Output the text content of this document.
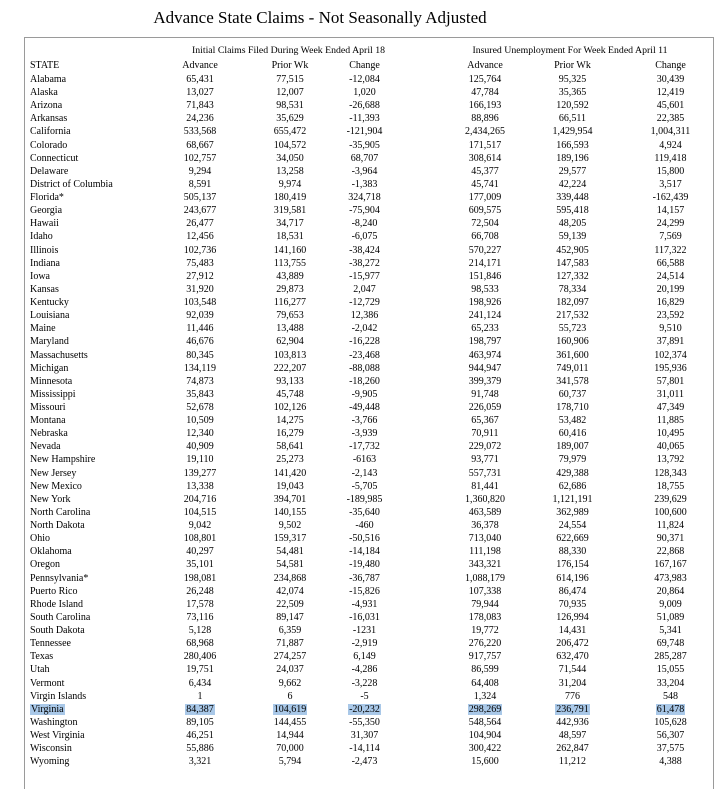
Advance State Claims - Not Seasonally Adjusted
Initial Claims Filed During Week Ended April 18	Insured Unemployment For Week Ended April 11
STATE	Advance	Prior Wk	Change	Advance	Prior Wk	Change
Alabama	65,431	77,515	-12,084	125,764	95,325	30,439
Alaska	13,027	12,007	1,020	47,784	35,365	12,419
Arizona	71,843	98,531	-26,688	166,193	120,592	45,601
Arkansas	24,236	35,629	-11,393	88,896	66,511	22,385
California	533,568	655,472	-121,904	2,434,265	1,429,954	1,004,311
Colorado	68,667	104,572	-35,905	171,517	166,593	4,924
Connecticut	102,757	34,050	68,707	308,614	189,196	119,418
Delaware	9,294	13,258	-3,964	45,377	29,577	15,800
District of Columbia	8,591	9,974	-1,383	45,741	42,224	3,517
Florida*	505,137	180,419	324,718	177,009	339,448	-162,439
Georgia	243,677	319,581	-75,904	609,575	595,418	14,157
Hawaii	26,477	34,717	-8,240	72,504	48,205	24,299
Idaho	12,456	18,531	-6,075	66,708	59,139	7,569
Illinois	102,736	141,160	-38,424	570,227	452,905	117,322
Indiana	75,483	113,755	-38,272	214,171	147,583	66,588
Iowa	27,912	43,889	-15,977	151,846	127,332	24,514
Kansas	31,920	29,873	2,047	98,533	78,334	20,199
Kentucky	103,548	116,277	-12,729	198,926	182,097	16,829
Louisiana	92,039	79,653	12,386	241,124	217,532	23,592
Maine	11,446	13,488	-2,042	65,233	55,723	9,510
Maryland	46,676	62,904	-16,228	198,797	160,906	37,891
Massachusetts	80,345	103,813	-23,468	463,974	361,600	102,374
Michigan	134,119	222,207	-88,088	944,947	749,011	195,936
Minnesota	74,873	93,133	-18,260	399,379	341,578	57,801
Mississippi	35,843	45,748	-9,905	91,748	60,737	31,011
Missouri	52,678	102,126	-49,448	226,059	178,710	47,349
Montana	10,509	14,275	-3,766	65,367	53,482	11,885
Nebraska	12,340	16,279	-3,939	70,911	60,416	10,495
Nevada	40,909	58,641	-17,732	229,072	189,007	40,065
New Hampshire	19,110	25,273	-6163	93,771	79,979	13,792
New Jersey	139,277	141,420	-2,143	557,731	429,388	128,343
New Mexico	13,338	19,043	-5,705	81,441	62,686	18,755
New York	204,716	394,701	-189,985	1,360,820	1,121,191	239,629
North Carolina	104,515	140,155	-35,640	463,589	362,989	100,600
North Dakota	9,042	9,502	-460	36,378	24,554	11,824
Ohio	108,801	159,317	-50,516	713,040	622,669	90,371
Oklahoma	40,297	54,481	-14,184	111,198	88,330	22,868
Oregon	35,101	54,581	-19,480	343,321	176,154	167,167
Pennsylvania*	198,081	234,868	-36,787	1,088,179	614,196	473,983
Puerto Rico	26,248	42,074	-15,826	107,338	86,474	20,864
Rhode Island	17,578	22,509	-4,931	79,944	70,935	9,009
South Carolina	73,116	89,147	-16,031	178,083	126,994	51,089
South Dakota	5,128	6,359	-1231	19,772	14,431	5,341
Tennessee	68,968	71,887	-2,919	276,220	206,472	69,748
Texas	280,406	274,257	6,149	917,757	632,470	285,287
Utah	19,751	24,037	-4,286	86,599	71,544	15,055
Vermont	6,434	9,662	-3,228	64,408	31,204	33,204
Virgin Islands	1	6	-5	1,324	776	548
Virginia	84,387	104,619	-20,232	298,269	236,791	61,478
Washington	89,105	144,455	-55,350	548,564	442,936	105,628
West Virginia	46,251	14,944	31,307	104,904	48,597	56,307
Wisconsin	55,886	70,000	-14,114	300,422	262,847	37,575
Wyoming	3,321	5,794	-2,473	15,600	11,212	4,388
